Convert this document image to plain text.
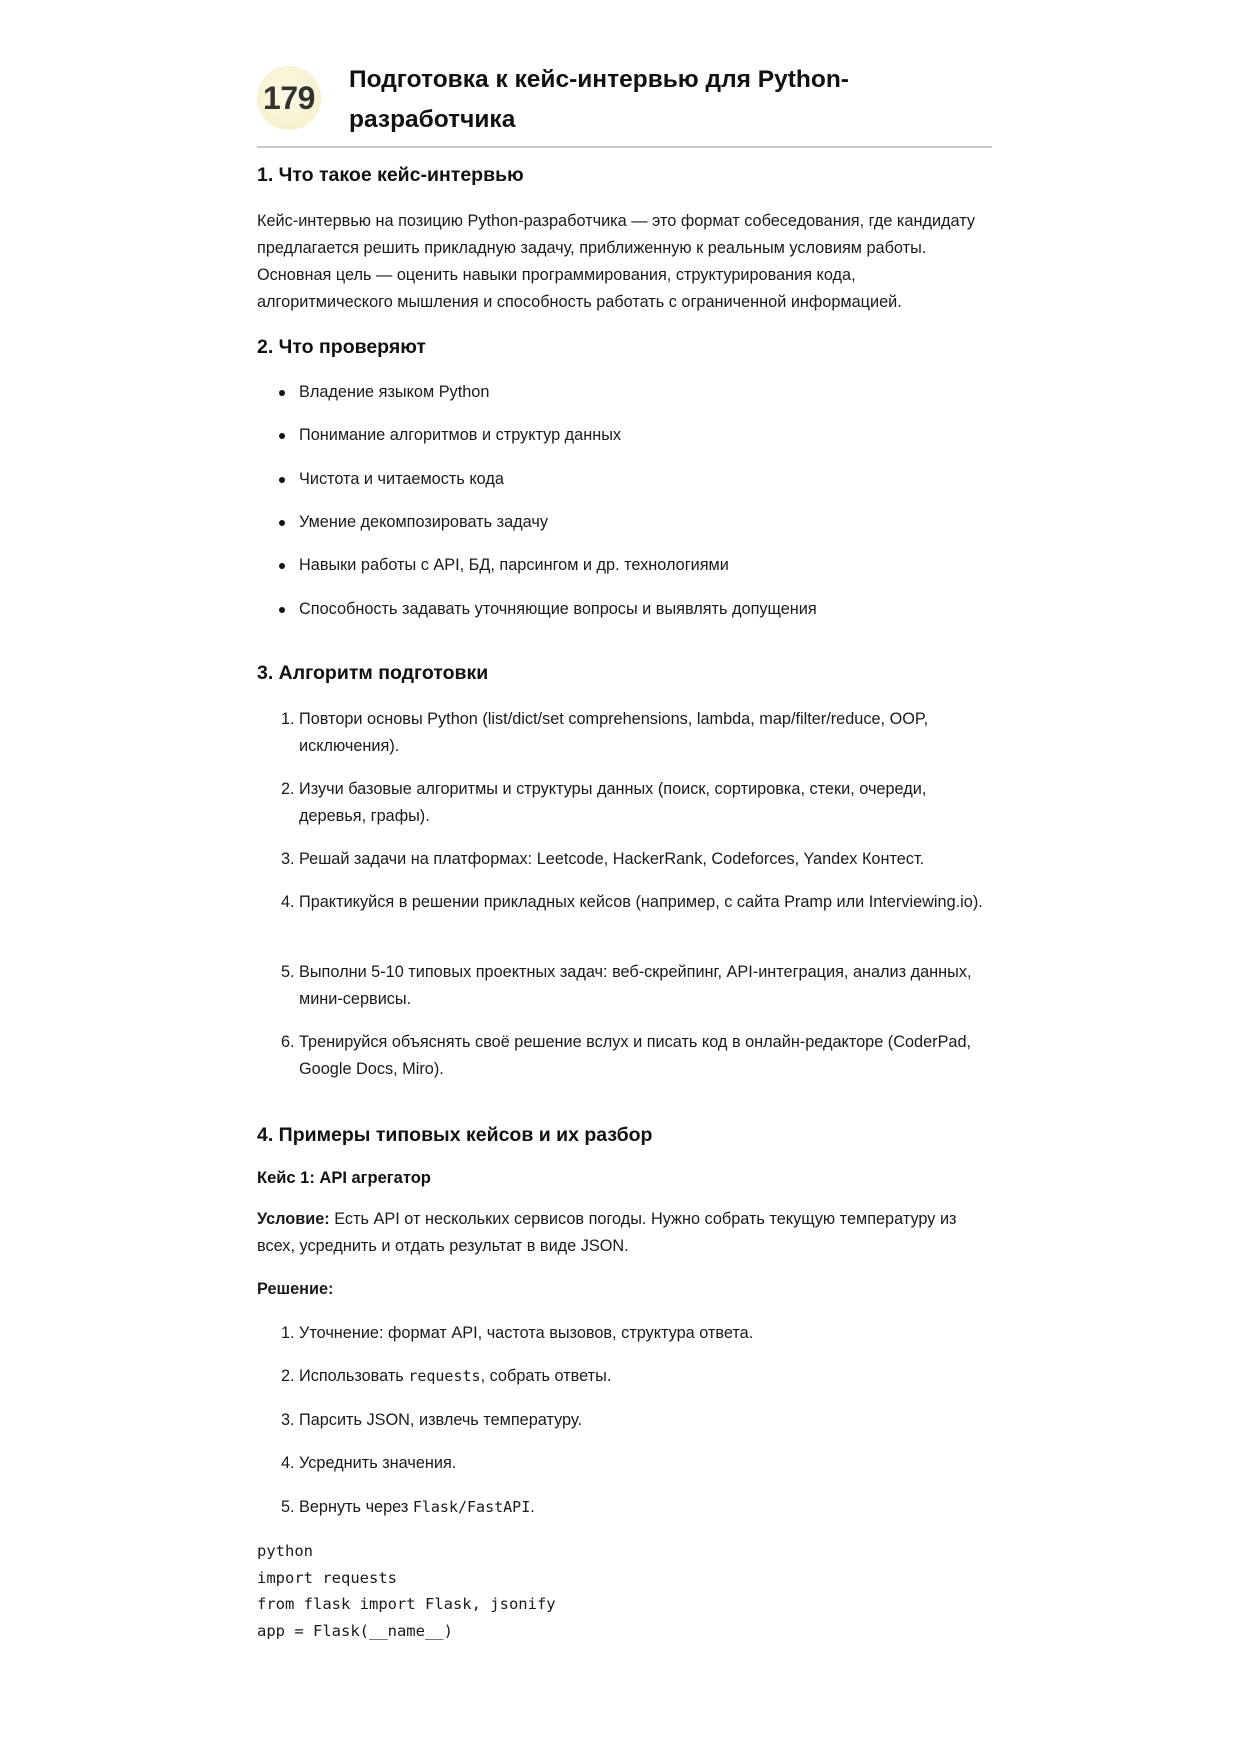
179 Подготовка к кейс-интервью для Python-разработчика
1. Что такое кейс-интервью
Кейс-интервью на позицию Python-разработчика — это формат собеседования, где кандидату предлагается решить прикладную задачу, приближенную к реальным условиям работы. Основная цель — оценить навыки программирования, структурирования кода, алгоритмического мышления и способность работать с ограниченной информацией.
2. Что проверяют
Владение языком Python
Понимание алгоритмов и структур данных
Чистота и читаемость кода
Умение декомпозировать задачу
Навыки работы с API, БД, парсингом и др. технологиями
Способность задавать уточняющие вопросы и выявлять допущения
3. Алгоритм подготовки
1. Повтори основы Python (list/dict/set comprehensions, lambda, map/filter/reduce, OOP, исключения).
2. Изучи базовые алгоритмы и структуры данных (поиск, сортировка, стеки, очереди, деревья, графы).
3. Решай задачи на платформах: Leetcode, HackerRank, Codeforces, Yandex Контест.
4. Практикуйся в решении прикладных кейсов (например, с сайта Pramp или Interviewing.io).
5. Выполни 5-10 типовых проектных задач: веб-скрейпинг, API-интеграция, анализ данных, мини-сервисы.
6. Тренируйся объяснять своё решение вслух и писать код в онлайн-редакторе (CoderPad, Google Docs, Miro).
4. Примеры типовых кейсов и их разбор
Кейс 1: API агрегатор
Условие: Есть API от нескольких сервисов погоды. Нужно собрать текущую температуру из всех, усреднить и отдать результат в виде JSON.
Решение:
1. Уточнение: формат API, частота вызовов, структура ответа.
2. Использовать requests, собрать ответы.
3. Парсить JSON, извлечь температуру.
4. Усреднить значения.
5. Вернуть через Flask/FastAPI.
python
import requests
from flask import Flask, jsonify
app = Flask(__name__)
